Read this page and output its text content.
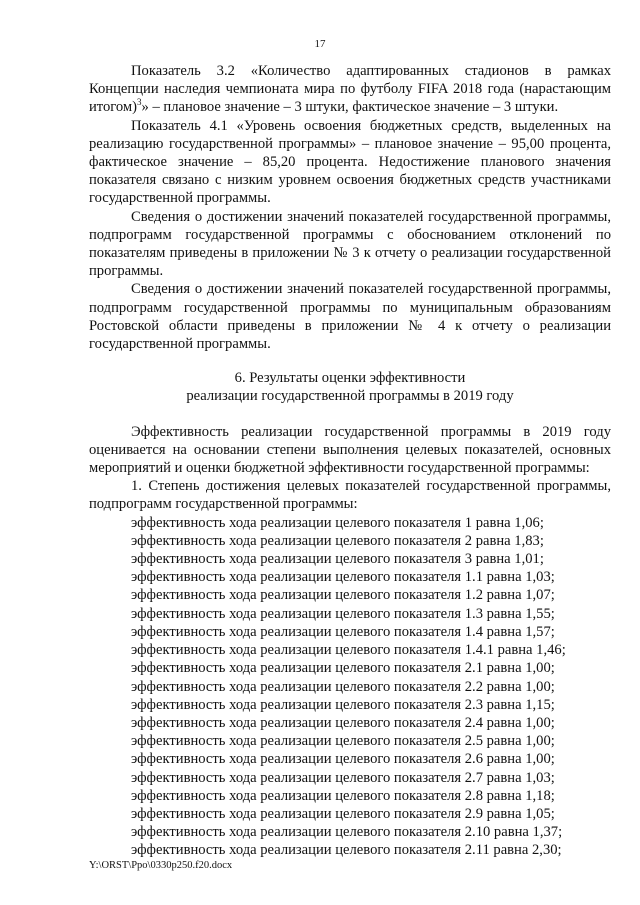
17

Показатель 3.2 «Количество адаптированных стадионов в рамках Концепции наследия чемпионата мира по футболу FIFA 2018 года (нарастающим итогом)$^3$» – плановое значение – 3 штуки, фактическое значение – 3 штуки.

Показатель 4.1 «Уровень освоения бюджетных средств, выделенных на реализацию государственной программы» – плановое значение – 95,00 процента, фактическое значение – 85,20 процента. Недостижение планового значения показателя связано с низким уровнем освоения бюджетных средств участниками государственной программы.

Сведения о достижении значений показателей государственной программы, подпрограмм государственной программы с обоснованием отклонений по показателям приведены в приложении № 3 к отчету о реализации государственной программы.

Сведения о достижении значений показателей государственной программы, подпрограмм государственной программы по муниципальным образованиям Ростовской области приведены в приложении № 4 к отчету о реализации государственной программы.

6. Результаты оценки эффективности
реализации государственной программы в 2019 году

Эффективность реализации государственной программы в 2019 году оценивается на основании степени выполнения целевых показателей, основных мероприятий и оценки бюджетной эффективности государственной программы:

1. Степень достижения целевых показателей государственной программы, подпрограмм государственной программы:

эффективность хода реализации целевого показателя 1 равна 1,06;

эффективность хода реализации целевого показателя 2 равна 1,83;

эффективность хода реализации целевого показателя 3 равна 1,01;

эффективность хода реализации целевого показателя 1.1 равна 1,03;

эффективность хода реализации целевого показателя 1.2 равна 1,07;

эффективность хода реализации целевого показателя 1.3 равна 1,55;

эффективность хода реализации целевого показателя 1.4 равна 1,57;

эффективность хода реализации целевого показателя 1.4.1 равна 1,46;

эффективность хода реализации целевого показателя 2.1 равна 1,00;

эффективность хода реализации целевого показателя 2.2 равна 1,00;

эффективность хода реализации целевого показателя 2.3 равна 1,15;

эффективность хода реализации целевого показателя 2.4 равна 1,00;

эффективность хода реализации целевого показателя 2.5 равна 1,00;

эффективность хода реализации целевого показателя 2.6 равна 1,00;

эффективность хода реализации целевого показателя 2.7 равна 1,03;

эффективность хода реализации целевого показателя 2.8 равна 1,18;

эффективность хода реализации целевого показателя 2.9 равна 1,05;

эффективность хода реализации целевого показателя 2.10 равна 1,37;

эффективность хода реализации целевого показателя 2.11 равна 2,30;

Y:\ORST\Ppo\0330p250.f20.docx
